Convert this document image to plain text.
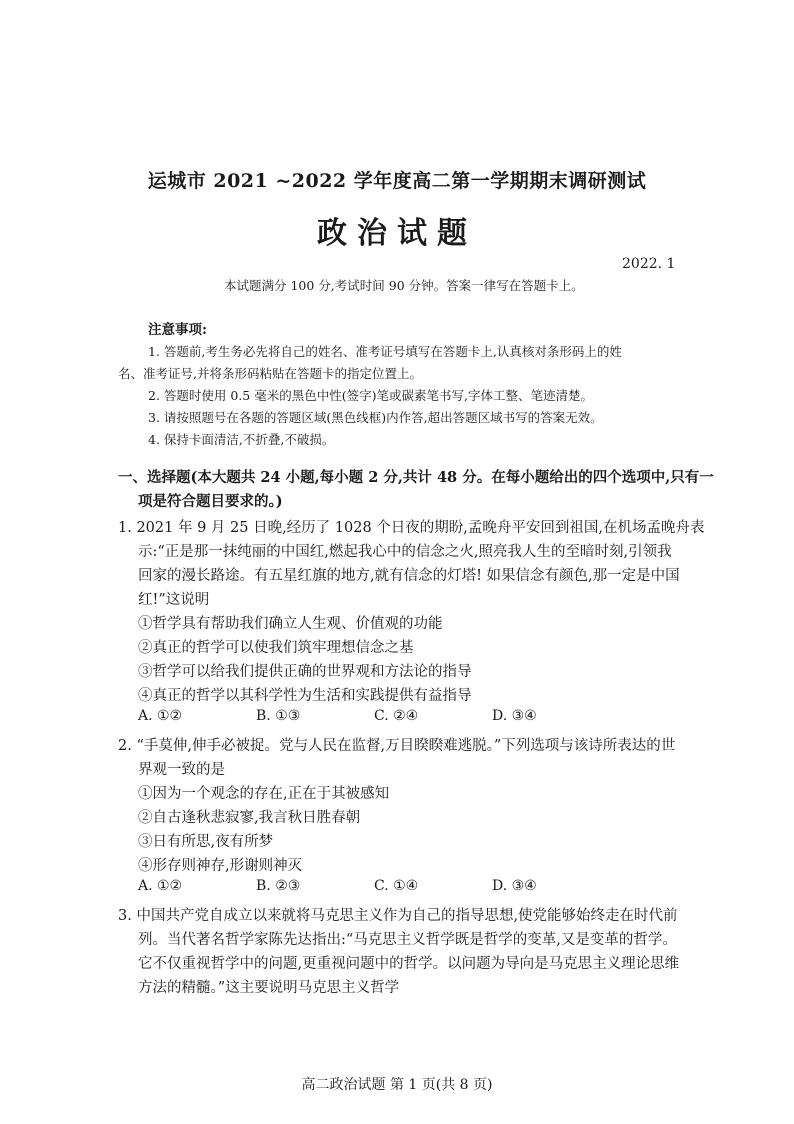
运城市 2021 ~2022 学年度高二第一学期期末调研测试
政治试题
2022. 1
本试题满分 100 分,考试时间 90 分钟。答案一律写在答题卡上。
注意事项:
1. 答题前,考生务必先将自己的姓名、准考证号填写在答题卡上,认真核对条形码上的姓
名、准考证号,并将条形码粘贴在答题卡的指定位置上。
2. 答题时使用 0.5 毫米的黑色中性(签字)笔或碳素笔书写,字体工整、笔迹清楚。
3. 请按照题号在各题的答题区域(黑色线框)内作答,超出答题区域书写的答案无效。
4. 保持卡面清洁,不折叠,不破损。
一、选择题(本大题共 24 小题,每小题 2 分,共计 48 分。在每小题给出的四个选项中,只有一
项是符合题目要求的。)
1. 2021 年 9 月 25 日晚,经历了 1028 个日夜的期盼,孟晚舟平安回到祖国,在机场孟晚舟表
示:“正是那一抹纯丽的中国红,燃起我心中的信念之火,照亮我人生的至暗时刻,引领我
回家的漫长路途。有五星红旗的地方,就有信念的灯塔! 如果信念有颜色,那一定是中国
红!”这说明
①哲学具有帮助我们确立人生观、价值观的功能
②真正的哲学可以使我们筑牢理想信念之基
③哲学可以给我们提供正确的世界观和方法论的指导
④真正的哲学以其科学性为生活和实践提供有益指导
A. ①②	B. ①③	C. ②④	D. ③④
2. “手莫伸,伸手必被捉。党与人民在监督,万目睽睽难逃脱。”下列选项与该诗所表达的世
界观一致的是
①因为一个观念的存在,正在于其被感知
②自古逢秋悲寂寥,我言秋日胜春朝
③日有所思,夜有所梦
④形存则神存,形谢则神灭
A. ①②	B. ②③	C. ①④	D. ③④
3. 中国共产党自成立以来就将马克思主义作为自己的指导思想,使党能够始终走在时代前
列。当代著名哲学家陈先达指出:“马克思主义哲学既是哲学的变革,又是变革的哲学。
它不仅重视哲学中的问题,更重视问题中的哲学。以问题为导向是马克思主义理论思维
方法的精髓。”这主要说明马克思主义哲学
高二政治试题 第 1 页(共 8 页)
